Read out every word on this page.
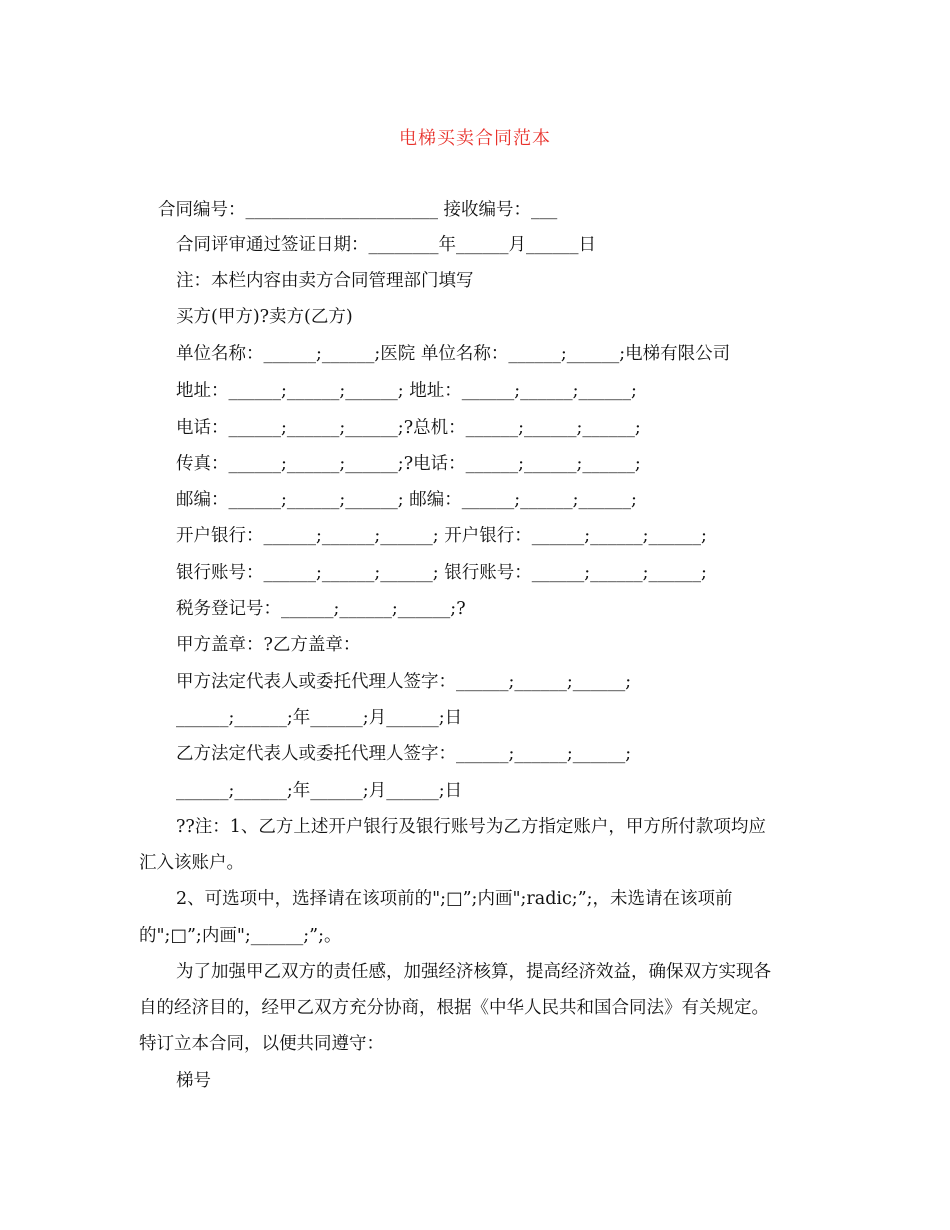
电梯买卖合同范本
合同编号：______________________ 接收编号：___
合同评审通过签证日期：________年______月______日
注：本栏内容由卖方合同管理部门填写
买方(甲方)?卖方(乙方)
单位名称：______;______;医院 单位名称：______;______;电梯有限公司
地址：______;______;______; 地址：______;______;______;
电话：______;______;______;?总机：______;______;______;
传真：______;______;______;?电话：______;______;______;
邮编：______;______;______; 邮编：______;______;______;
开户银行：______;______;______; 开户银行：______;______;______;
银行账号：______;______;______; 银行账号：______;______;______;
税务登记号：______;______;______;?
甲方盖章：?乙方盖章：
甲方法定代表人或委托代理人签字：______;______;______;
______;______;年______;月______;日
乙方法定代表人或委托代理人签字：______;______;______;
______;______;年______;月______;日
??注：1、乙方上述开户银行及银行账号为乙方指定账户，甲方所付款项均应
汇入该账户。
2、可选项中，选择请在该项前的";□”;内画";radic;”;，未选请在该项前
的";□”;内画";______;”;。
为了加强甲乙双方的责任感，加强经济核算，提高经济效益，确保双方实现各
自的经济目的，经甲乙双方充分协商，根据《中华人民共和国合同法》有关规定。
特订立本合同，以便共同遵守：
梯号
